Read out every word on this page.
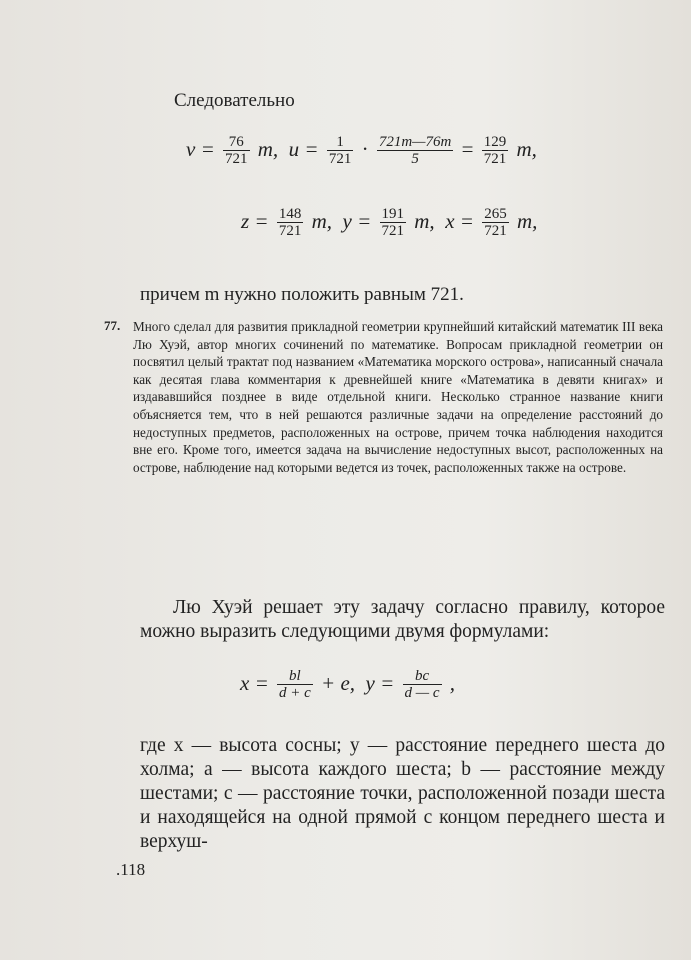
Следовательно
$v = \frac{76}{721} m$, $u = \frac{1}{721} \cdot \frac{721m—76m}{5} = \frac{129}{721} m$,
$z = \frac{148}{721} m$, $y = \frac{191}{721} m$, $x = \frac{265}{721} m$,
причем m нужно положить равным 721.
77. Много сделал для развития прикладной геометрии крупнейший китайский математик III века Лю Хуэй, автор многих сочинений по математике. Вопросам прикладной геометрии он посвятил целый трактат под названием «Математика морского острова», написанный сначала как десятая глава комментария к древнейшей книге «Математика в девяти книгах» и издававшийся позднее в виде отдельной книги. Несколько странное название книги объясняется тем, что в ней решаются различные задачи на определение расстояний до недоступных предметов, расположенных на острове, причем точка наблюдения находится вне его. Кроме того, имеется задача на вычисление недоступных высот, расположенных на острове, наблюдение над которыми ведется из точек, расположенных также на острове.
Лю Хуэй решает эту задачу согласно правилу, которое можно выразить следующими двумя формулами:
$x = \frac{bl}{d + c} + e$, $y = \frac{bc}{d — c}$ ,
где x — высота сосны; y — расстояние переднего шеста до холма; a — высота каждого шеста; b — расстояние между шестами; c — расстояние точки, расположенной позади шеста и находящейся на одной прямой с концом переднего шеста и верхуш-
.118
